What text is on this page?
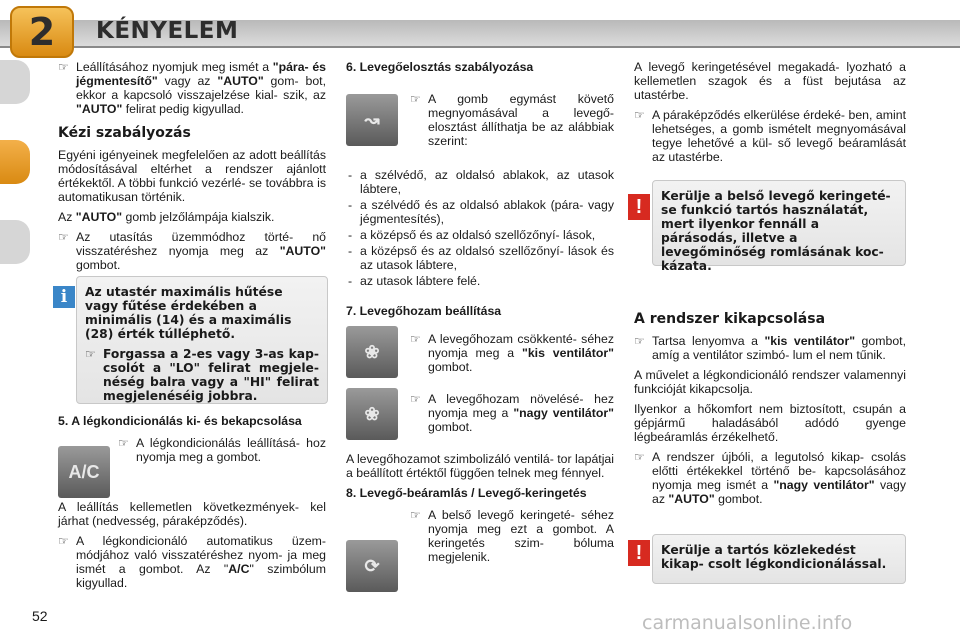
2	KÉNYELEM
☞ Leállításához nyomjuk meg ismét a "pára- és jégmentesítő" vagy az "AUTO" gom- bot, ekkor a kapcsoló visszajelzése kial- szik, az "AUTO" felirat pedig kigyullad.
Kézi szabályozás

Egyéni igényeinek megfelelően az adott beállítás módosításával eltérhet a rendszer ajánlott értékektől. A többi funkció vezérlé- se továbbra is automatikusan történik.

Az "AUTO" gomb jelzőlámpája kialszik.

☞ Az utasítás üzemmódhoz törté- nő visszatéréshez nyomja meg az "AUTO" gombot.
i	Az utastér maximális hűtése vagy fűtése érdekében a minimális (14) és a maximális (28) érték túlléphető.
☞ Forgassa a 2-es vagy 3-as kap- csolót a "LO" felirat megjele- néség balra vagy a "HI" felirat megjelenéséig jobbra.
5. A légkondicionálás ki- és bekapcsolása
☞ A légkondicionálás leállításá- hoz nyomja meg a gombot.

A leállítás kellemetlen következmények- kel járhat (nedvesség, páraképződés).

☞ A légkondicionáló automatikus üzem- módjához való visszatéréshez nyom- ja meg ismét a gombot. Az "A/C" szimbólum kigyullad.
A/C
6. Levegőelosztás szabályozása
☞ A gomb egymást követő megnyomásával a levegő- elosztást állíthatja be az alábbiak szerint:
- a szélvédő, az oldalsó ablakok, az utasok lábtere,
- a szélvédő és az oldalsó ablakok (pára- vagy jégmentesítés),
- a középső és az oldalsó szellőzőnyí- lások,
- a középső és az oldalsó szellőzőnyí- lások és az utasok lábtere,
- az utasok lábtere felé.
7. Levegőhozam beállítása
☞ A levegőhozam csökkenté- séhez nyomja meg a "kis ventilátor" gombot.
☞ A levegőhozam növelésé- hez nyomja meg a "nagy ventilátor" gombot.

A levegőhozamot szimbolizáló ventilá- tor lapátjai a beállított értéktől függően telnek meg fénnyel.

8. Levegő-beáramlás / Levegő-keringetés
☞ A belső levegő keringeté- séhez nyomja meg ezt a gombot. A keringetés szim- bóluma megjelenik.
↝
❀
❀
⟳

A levegő keringetésével megakadá- lyozható a kellemetlen szagok és a füst bejutása az utastérbe.

☞ A páraképződés elkerülése érdeké- ben, amint lehetséges, a gomb ismételt megnyomásával tegye lehetővé a kül- ső levegő beáramlását az utastérbe.
!	Kerülje a belső levegő keringeté- se funkció tartós használatát, mert ilyenkor fennáll a párásodás, illetve a levegőminőség romlásának koc- kázata.
A rendszer kikapcsolása
☞ Tartsa lenyomva a "kis ventilátor" gombot, amíg a ventilátor szimbó- lum el nem tűnik.

A művelet a légkondicionáló rendszer valamennyi funkcióját kikapcsolja.

Ilyenkor a hőkomfort nem biztosított, csupán a gépjármű haladásából adódó gyenge légbeáramlás érzékelhető.

☞ A rendszer újbóli, a legutolsó kikap- csolás előtti értékekkel történő be- kapcsolásához nyomja meg ismét a "nagy ventilátor" vagy az "AUTO" gombot.
!	Kerülje a tartós közlekedést kikap- csolt légkondicionálással.
52	carmanualsonline.info
